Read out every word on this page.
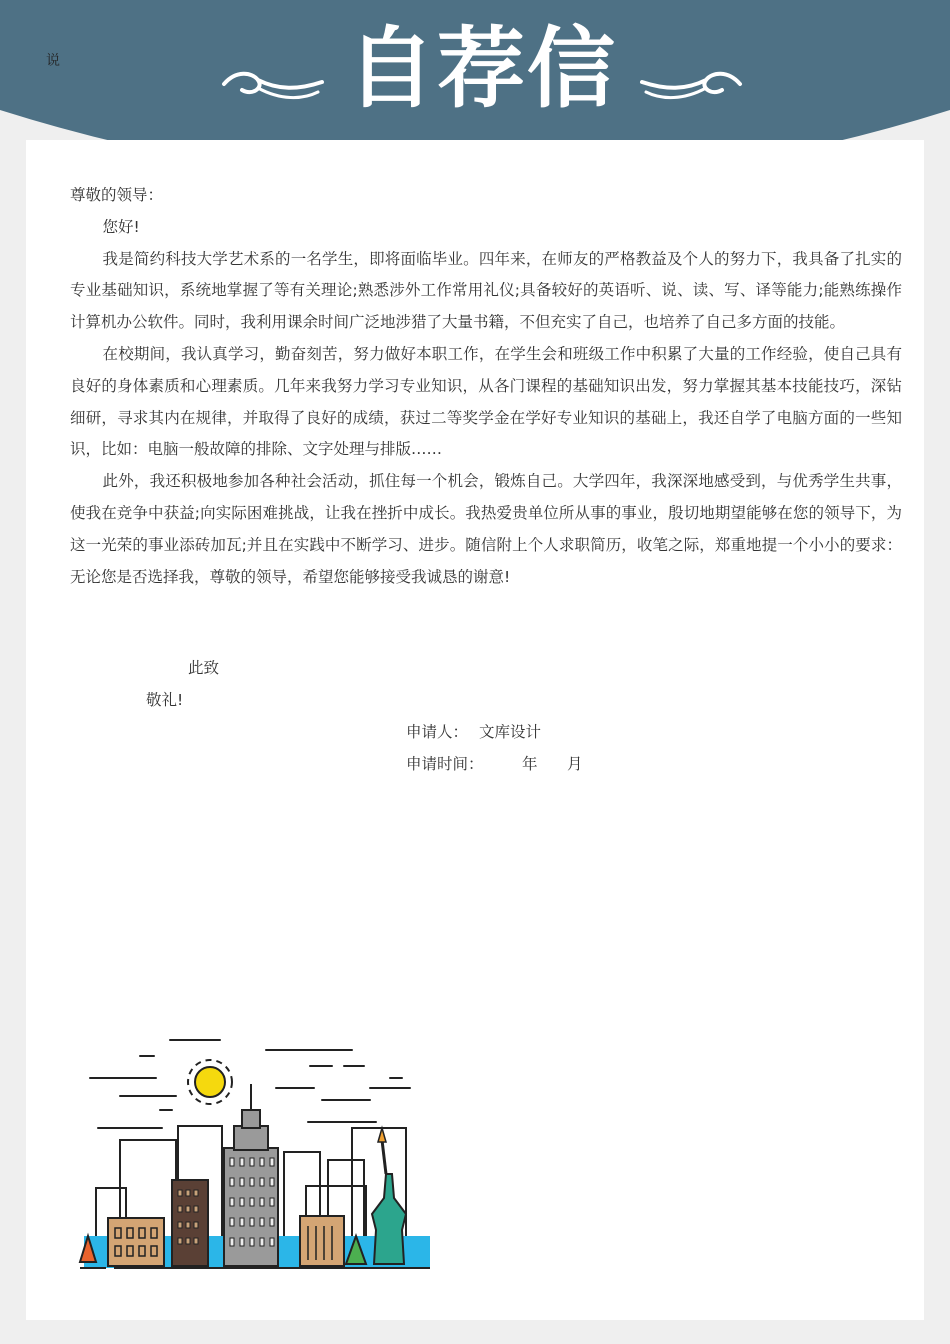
说	自荐信

尊敬的领导：

您好!

我是简约科技大学艺术系的一名学生，即将面临毕业。四年来，在师友的严格教益及个人的努力下，我具备了扎实的专业基础知识，系统地掌握了等有关理论;熟悉涉外工作常用礼仪;具备较好的英语听、说、读、写、译等能力;能熟练操作计算机办公软件。同时，我利用课余时间广泛地涉猎了大量书籍，不但充实了自己，也培养了自己多方面的技能。

在校期间，我认真学习，勤奋刻苦，努力做好本职工作，在学生会和班级工作中积累了大量的工作经验，使自己具有良好的身体素质和心理素质。几年来我努力学习专业知识，从各门课程的基础知识出发，努力掌握其基本技能技巧，深钻细研，寻求其内在规律，并取得了良好的成绩，获过二等奖学金在学好专业知识的基础上，我还自学了电脑方面的一些知识，比如：电脑一般故障的排除、文字处理与排版……

此外，我还积极地参加各种社会活动，抓住每一个机会，锻炼自己。大学四年，我深深地感受到，与优秀学生共事，使我在竞争中获益;向实际困难挑战，让我在挫折中成长。我热爱贵单位所从事的事业，殷切地期望能够在您的领导下，为这一光荣的事业添砖加瓦;并且在实践中不断学习、进步。随信附上个人求职简历，收笔之际，郑重地提一个小小的要求：无论您是否选择我，尊敬的领导，希望您能够接受我诚恳的谢意!

此致
敬礼!
申请人： 文库设计
申请时间： 年 月
